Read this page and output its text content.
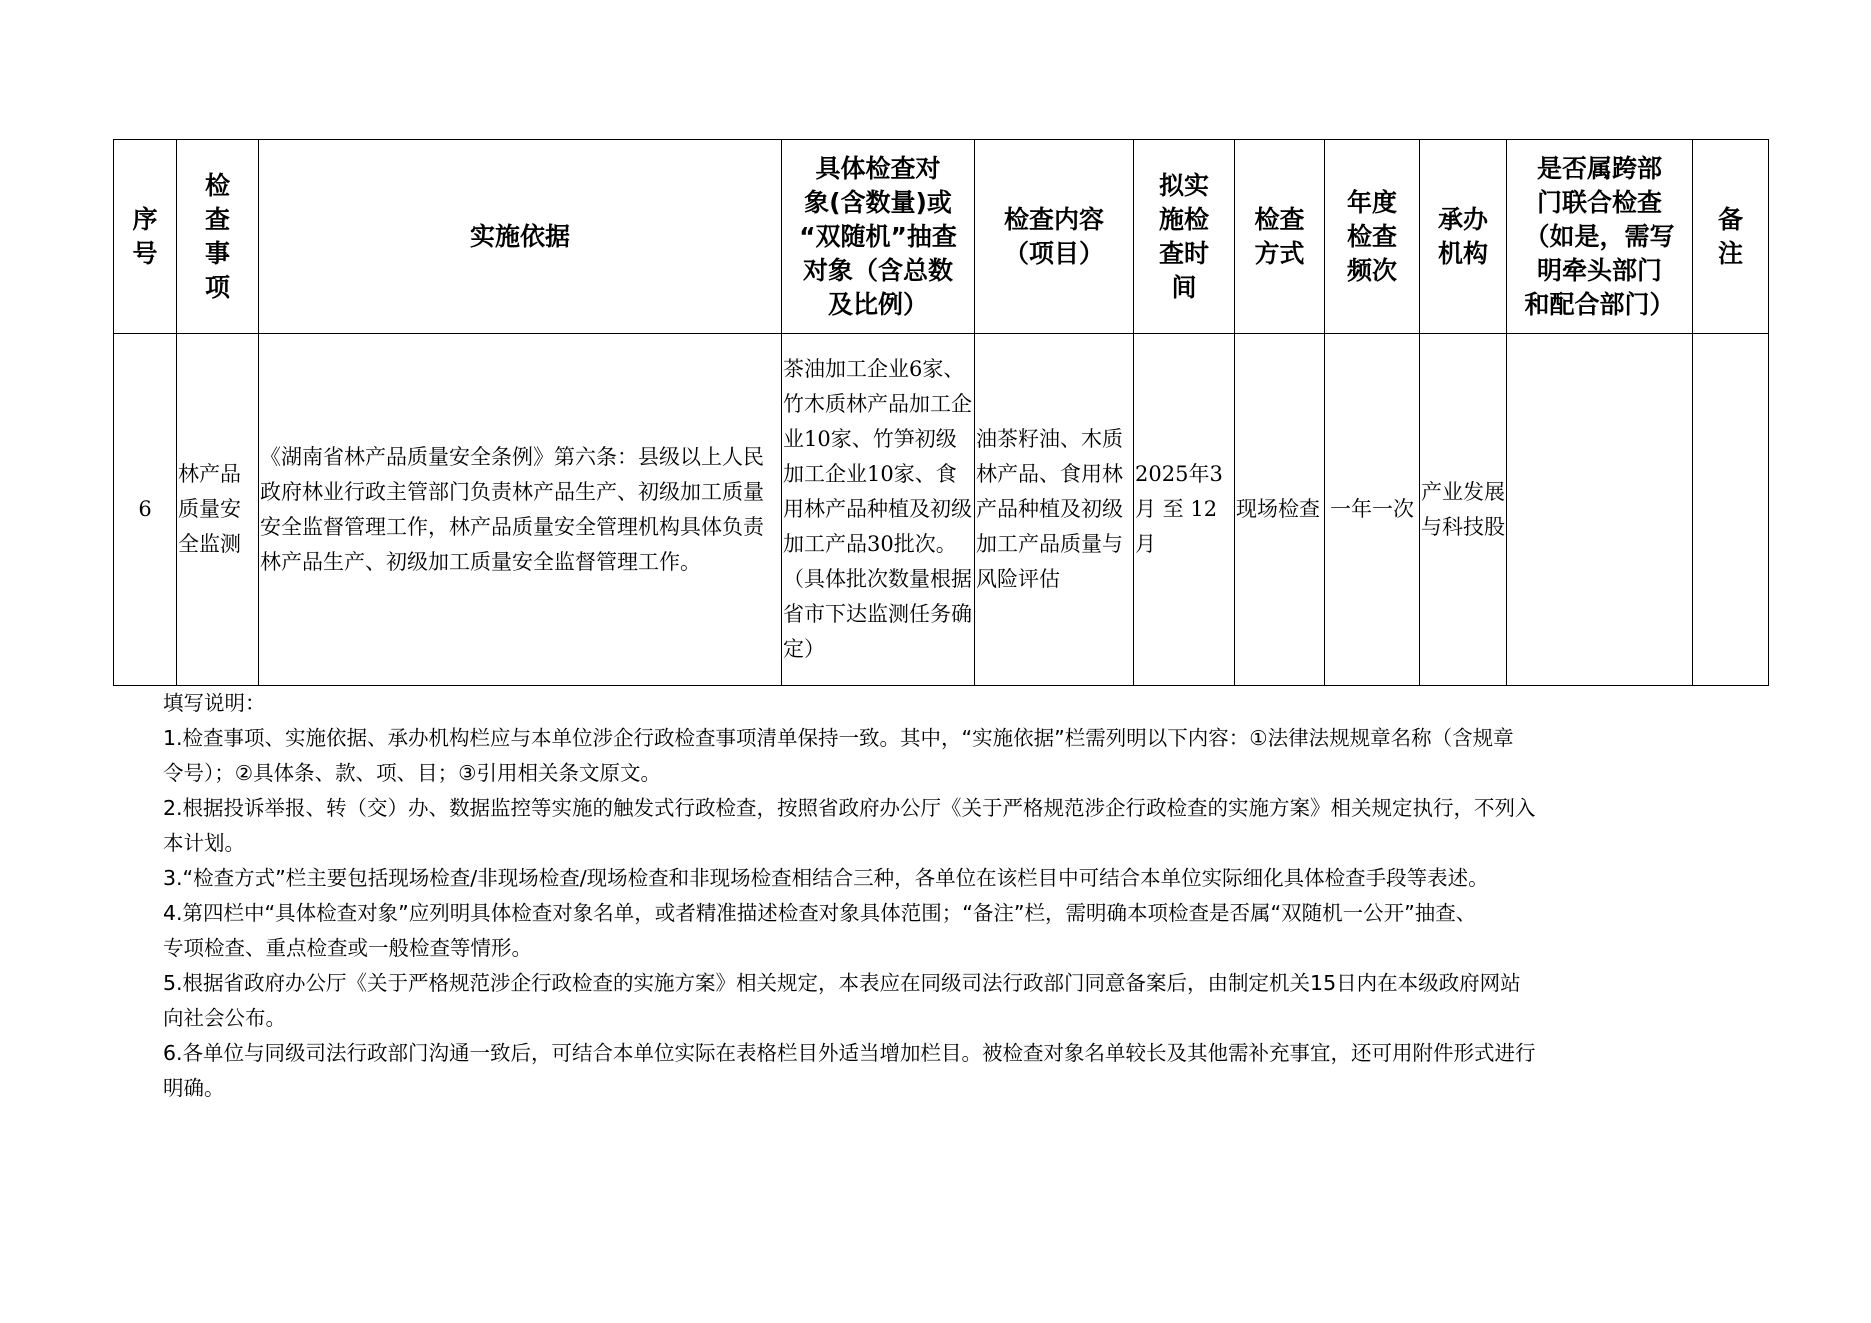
序
号	检
查
事
项	实施依据	具体检查对
象(含数量)或
“双随机”抽查
对象（含总数
及比例）	检查内容
（项目）	拟实
施检
查时
间	检查
方式	年度
检查
频次	承办
机构	是否属跨部
门联合检查
（如是，需写
明牵头部门
和配合部门）	备
注

6	林产品质量安全监测	《湖南省林产品质量安全条例》第六条：县级以上人民政府林业行政主管部门负责林产品生产、初级加工质量安全监督管理工作，林产品质量安全管理机构具体负责林产品生产、初级加工质量安全监督管理工作。	茶油加工企业6家、竹木质林产品加工企业10家、竹笋初级加工企业10家、食用林产品种植及初级加工产品30批次。（具体批次数量根据省市下达监测任务确定）	油茶籽油、木质林产品、食用林产品种植及初级加工产品质量与风险评估	2025年3月 至 12月	现场检查	一年一次	产业发展与科技股		

填写说明：

1.检查事项、实施依据、承办机构栏应与本单位涉企行政检查事项清单保持一致。其中，“实施依据”栏需列明以下内容：①法律法规规章名称（含规章

令号）；②具体条、款、项、目；③引用相关条文原文。

2.根据投诉举报、转（交）办、数据监控等实施的触发式行政检查，按照省政府办公厅《关于严格规范涉企行政检查的实施方案》相关规定执行，不列入

本计划。

3.“检查方式”栏主要包括现场检查/非现场检查/现场检查和非现场检查相结合三种，各单位在该栏目中可结合本单位实际细化具体检查手段等表述。

4.第四栏中“具体检查对象”应列明具体检查对象名单，或者精准描述检查对象具体范围；“备注”栏，需明确本项检查是否属“双随机一公开”抽查、

专项检查、重点检查或一般检查等情形。

5.根据省政府办公厅《关于严格规范涉企行政检查的实施方案》相关规定，本表应在同级司法行政部门同意备案后，由制定机关15日内在本级政府网站

向社会公布。

6.各单位与同级司法行政部门沟通一致后，可结合本单位实际在表格栏目外适当增加栏目。被检查对象名单较长及其他需补充事宜，还可用附件形式进行

明确。
